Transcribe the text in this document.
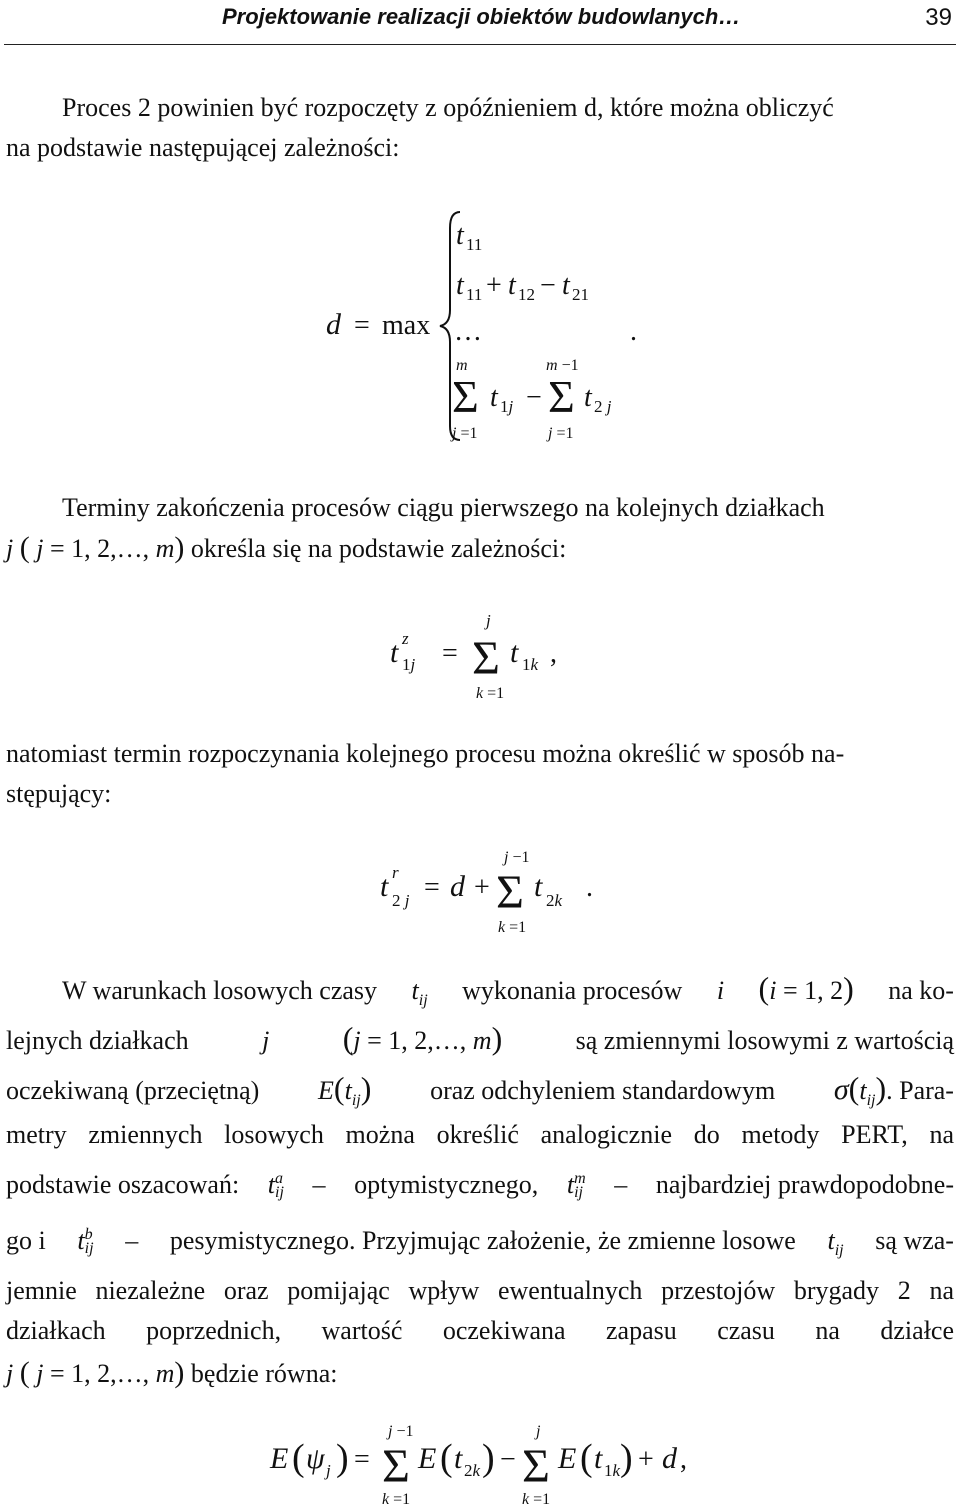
Projektowanie realizacji obiektów budowlanych…	39
Proces 2 powinien być rozpoczęty z opóźnieniem d, które można obliczyć
na podstawie następującej zależności:
d = max …	.
t 11
t 11 + t 12 − t 21
m
Σ
j =1
t 1j −
m −1
Σ
j =1
t 2 j
Terminy zakończenia procesów ciągu pierwszego na kolejnych działkach
j ( j = 1, 2,…, m) określa się na podstawie zależności:
t z
1j =
j
Σ
k =1
t 1k ,
natomiast termin rozpoczynania kolejnego procesu można określić w sposób na-
stępujący:
t r
2 j = d +
j −1
Σ
k =1
t 2k .
W warunkach losowych czasy $t_{ij}$ wykonania procesów i (i = 1, 2) na ko-
lejnych działkach	j (j = 1, 2,…, m)	są zmiennymi losowymi z wartością
oczekiwaną (przeciętną) $E(t_{ij})$ oraz odchyleniem standardowym $\sigma(t_{ij})$. Para-
metry zmiennych losowych można określić analogicznie do metody PERT, na
podstawie oszacowań: t a
ij – optymistycznego, t m
ij – najbardziej prawdopodobne-
go i t b
ij – pesymistycznego. Przyjmując założenie, że zmienne losowe $t_{ij}$ są wza-
jemnie niezależne oraz pomijając wpływ ewentualnych przestojów brygady 2 na
działkach poprzednich, wartość oczekiwana zapasu czasu na działce
j ( j = 1, 2,…, m) będzie równa:
E ( ψ j ) =
j −1
Σ
k =1
E ( t 2k ) −
j
Σ
k =1
E ( t 1k ) + d ,
